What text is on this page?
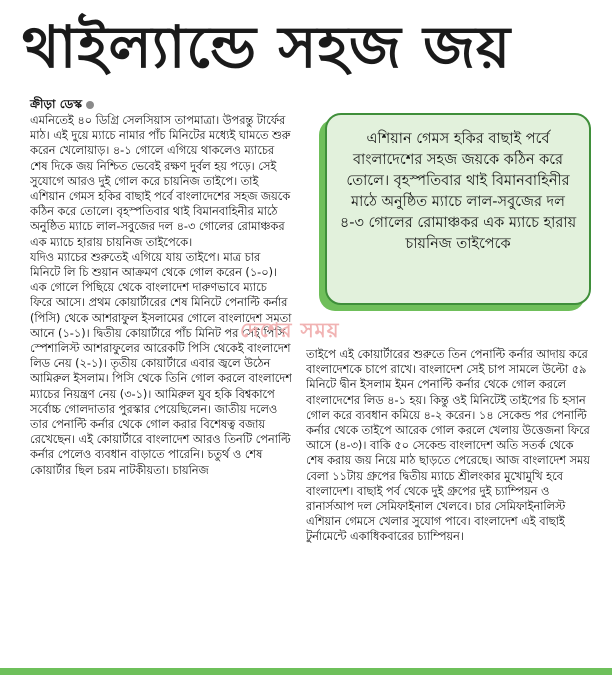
থাইল্যান্ডে সহজ জয়
ক্রীড়া ডেস্ক

এমনিতেই ৪০ ডিগ্রি সেলসিয়াস তাপমাত্রা। উপরন্তু টার্ফের মাঠ। এই দুয়ে ম্যাচে নামার পাঁচ মিনিটের মধ্যেই ঘামতে শুরু করেন খেলোয়াড়। ৪-১ গোলে এগিয়ে থাকলেও ম্যাচের শেষ দিকে জয় নিশ্চিত ভেবেই রক্ষণ দুর্বল হয় পড়ে। সেই সুযোগে আরও দুই গোল করে চায়নিজ তাইপে। তাই এশিয়ান গেমস হকির বাছাই পর্বে বাংলাদেশের সহজ জয়কে কঠিন করে তোলে। বৃহস্পতিবার থাই বিমানবাহিনীর মাঠে অনুষ্ঠিত ম্যাচে লাল-সবুজের দল ৪-৩ গোলের রোমাঞ্চকর এক ম্যাচে হারায় চায়নিজ তাইপেকে।

যদিও ম্যাচের শুরুতেই এগিয়ে যায় তাইপে। মাত্র চার মিনিটে লি চি শুয়ান আক্রমণ থেকে গোল করেন (১-০)। এক গোলে পিছিয়ে থেকে বাংলাদেশ দারুণভাবে ম্যাচে ফিরে আসে। প্রথম কোয়ার্টারের শেষ মিনিটে পেনাল্টি কর্নার (পিসি) থেকে আশরাফুল ইসলামের গোলে বাংলাদেশ সমতা আনে (১-১)। দ্বিতীয় কোয়ার্টারে পাঁচ মিনিট পর সেই পিসি স্পেশালিস্ট আশরাফুলের আরেকটি পিসি থেকেই বাংলাদেশ লিড নেয় (২-১)। তৃতীয় কোয়ার্টারে এবার জ্বলে উঠেন আমিরুল ইসলাম। পিসি থেকে তিনি গোল করলে বাংলাদেশ ম্যাচের নিয়ন্ত্রণ নেয় (৩-১)। আমিরুল যুব হকি বিশ্বকাপে সর্বোচ্চ গোলদাতার পুরস্কার পেয়েছিলেন। জাতীয় দলেও তার পেনাল্টি কর্নার থেকে গোল করার বিশেষত্ব বজায় রেখেছেন। এই কোয়ার্টারে বাংলাদেশ আরও তিনটি পেনাল্টি কর্নার পেলেও ব্যবধান বাড়াতে পারেনি। চতুর্থ ও শেষ কোয়ার্টার ছিল চরম নাটকীয়তা। চায়নিজ

এশিয়ান গেমস হকির বাছাই পর্বে বাংলাদেশের সহজ জয়কে কঠিন করে তোলে। বৃহস্পতিবার থাই বিমানবাহিনীর মাঠে অনুষ্ঠিত ম্যাচে লাল-সবুজের দল ৪-৩ গোলের রোমাঞ্চকর এক ম্যাচে হারায় চায়নিজ তাইপেকে
দেশের সময়

তাইপে এই কোয়ার্টারের শুরুতে তিন পেনাল্টি কর্নার আদায় করে বাংলাদেশকে চাপে রাখে। বাংলাদেশ সেই চাপ সামলে উল্টো ৫৯ মিনিটে দ্বীন ইসলাম ইমন পেনাল্টি কর্নার থেকে গোল করলে বাংলাদেশের লিড ৪-১ হয়। কিন্তু ওই মিনিটেই তাইপের চি হসান গোল করে ব্যবধান কমিয়ে ৪-২ করেন। ১৪ সেকেন্ড পর পেনাল্টি কর্নার থেকে তাইপে আরেক গোল করলে খেলায় উত্তেজনা ফিরে আসে (৪-৩)। বাকি ৫০ সেকেন্ড বাংলাদেশ অতি সতর্ক থেকে শেষ করায় জয় নিয়ে মাঠ ছাড়তে পেরেছে। আজ বাংলাদেশ সময় বেলা ১১টায় গ্রুপের দ্বিতীয় ম্যাচে শ্রীলংকার মুখোমুখি হবে বাংলাদেশ। বাছাই পর্ব থেকে দুই গ্রুপের দুই চ্যাম্পিয়ন ও রানার্সআপ দল সেমিফাইনাল খেলবে। চার সেমিফাইনালিস্ট এশিয়ান গেমসে খেলার সুযোগ পাবে। বাংলাদেশ এই বাছাই টুর্নামেন্টে একাধিকবারের চ্যাম্পিয়ন।
